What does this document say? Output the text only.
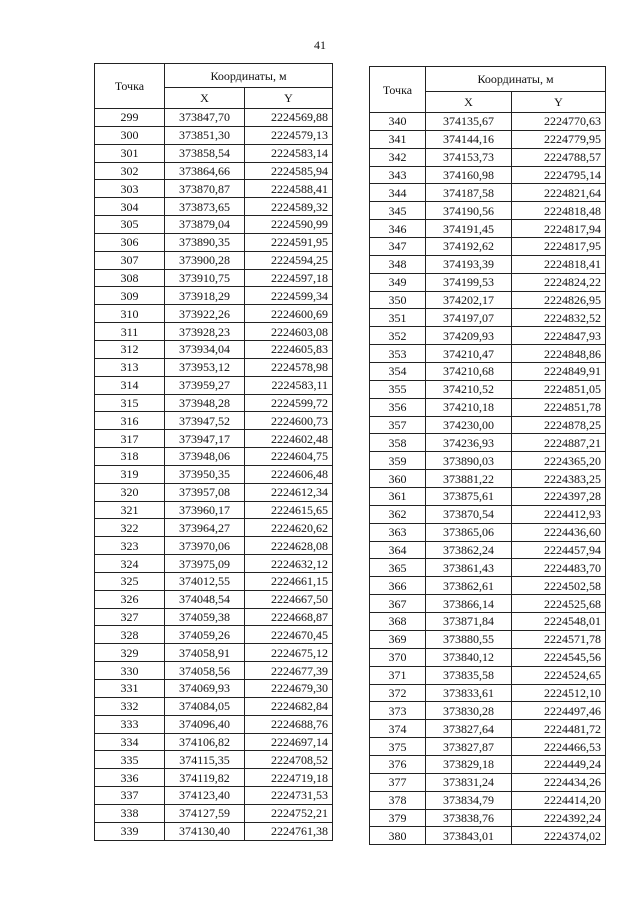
41
Точка	Координаты, м	
	X	Y
299	373847,70	2224569,88
300	373851,30	2224579,13
301	373858,54	2224583,14
302	373864,66	2224585,94
303	373870,87	2224588,41
304	373873,65	2224589,32
305	373879,04	2224590,99
306	373890,35	2224591,95
307	373900,28	2224594,25
308	373910,75	2224597,18
309	373918,29	2224599,34
310	373922,26	2224600,69
311	373928,23	2224603,08
312	373934,04	2224605,83
313	373953,12	2224578,98
314	373959,27	2224583,11
315	373948,28	2224599,72
316	373947,52	2224600,73
317	373947,17	2224602,48
318	373948,06	2224604,75
319	373950,35	2224606,48
320	373957,08	2224612,34
321	373960,17	2224615,65
322	373964,27	2224620,62
323	373970,06	2224628,08
324	373975,09	2224632,12
325	374012,55	2224661,15
326	374048,54	2224667,50
327	374059,38	2224668,87
328	374059,26	2224670,45
329	374058,91	2224675,12
330	374058,56	2224677,39
331	374069,93	2224679,30
332	374084,05	2224682,84
333	374096,40	2224688,76
334	374106,82	2224697,14
335	374115,35	2224708,52
336	374119,82	2224719,18
337	374123,40	2224731,53
338	374127,59	2224752,21
339	374130,40	2224761,38
Точка	Координаты, м	
	X	Y
340	374135,67	2224770,63
341	374144,16	2224779,95
342	374153,73	2224788,57
343	374160,98	2224795,14
344	374187,58	2224821,64
345	374190,56	2224818,48
346	374191,45	2224817,94
347	374192,62	2224817,95
348	374193,39	2224818,41
349	374199,53	2224824,22
350	374202,17	2224826,95
351	374197,07	2224832,52
352	374209,93	2224847,93
353	374210,47	2224848,86
354	374210,68	2224849,91
355	374210,52	2224851,05
356	374210,18	2224851,78
357	374230,00	2224878,25
358	374236,93	2224887,21
359	373890,03	2224365,20
360	373881,22	2224383,25
361	373875,61	2224397,28
362	373870,54	2224412,93
363	373865,06	2224436,60
364	373862,24	2224457,94
365	373861,43	2224483,70
366	373862,61	2224502,58
367	373866,14	2224525,68
368	373871,84	2224548,01
369	373880,55	2224571,78
370	373840,12	2224545,56
371	373835,58	2224524,65
372	373833,61	2224512,10
373	373830,28	2224497,46
374	373827,64	2224481,72
375	373827,87	2224466,53
376	373829,18	2224449,24
377	373831,24	2224434,26
378	373834,79	2224414,20
379	373838,76	2224392,24
380	373843,01	2224374,02
